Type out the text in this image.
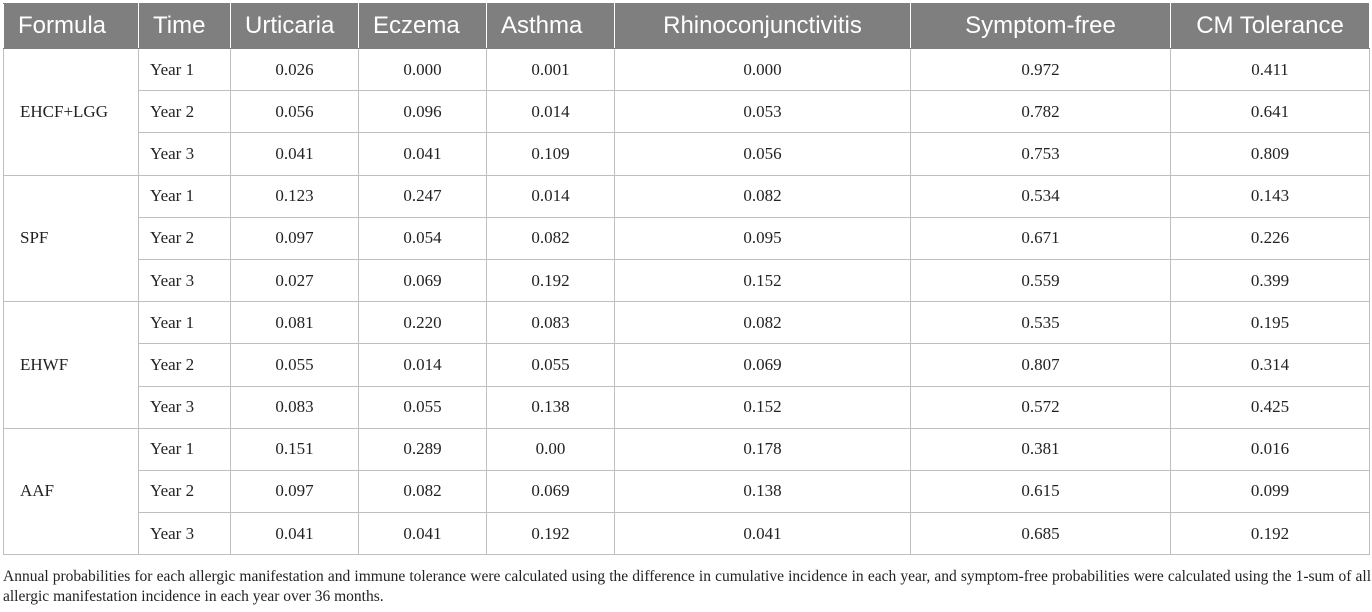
Formula	Time	Urticaria	Eczema	Asthma	Rhinoconjunctivitis	Symptom-free	CM Tolerance
EHCF+LGG	Year 1	0.026	0.000	0.001	0.000	0.972	0.411
	Year 2	0.056	0.096	0.014	0.053	0.782	0.641
	Year 3	0.041	0.041	0.109	0.056	0.753	0.809
SPF	Year 1	0.123	0.247	0.014	0.082	0.534	0.143
	Year 2	0.097	0.054	0.082	0.095	0.671	0.226
	Year 3	0.027	0.069	0.192	0.152	0.559	0.399
EHWF	Year 1	0.081	0.220	0.083	0.082	0.535	0.195
	Year 2	0.055	0.014	0.055	0.069	0.807	0.314
	Year 3	0.083	0.055	0.138	0.152	0.572	0.425
AAF	Year 1	0.151	0.289	0.00	0.178	0.381	0.016
	Year 2	0.097	0.082	0.069	0.138	0.615	0.099
	Year 3	0.041	0.041	0.192	0.041	0.685	0.192
Annual probabilities for each allergic manifestation and immune tolerance were calculated using the difference in cumulative incidence in each year, and symptom-free probabilities were calculated using the 1-sum of all allergic manifestation incidence in each year over 36 months.
